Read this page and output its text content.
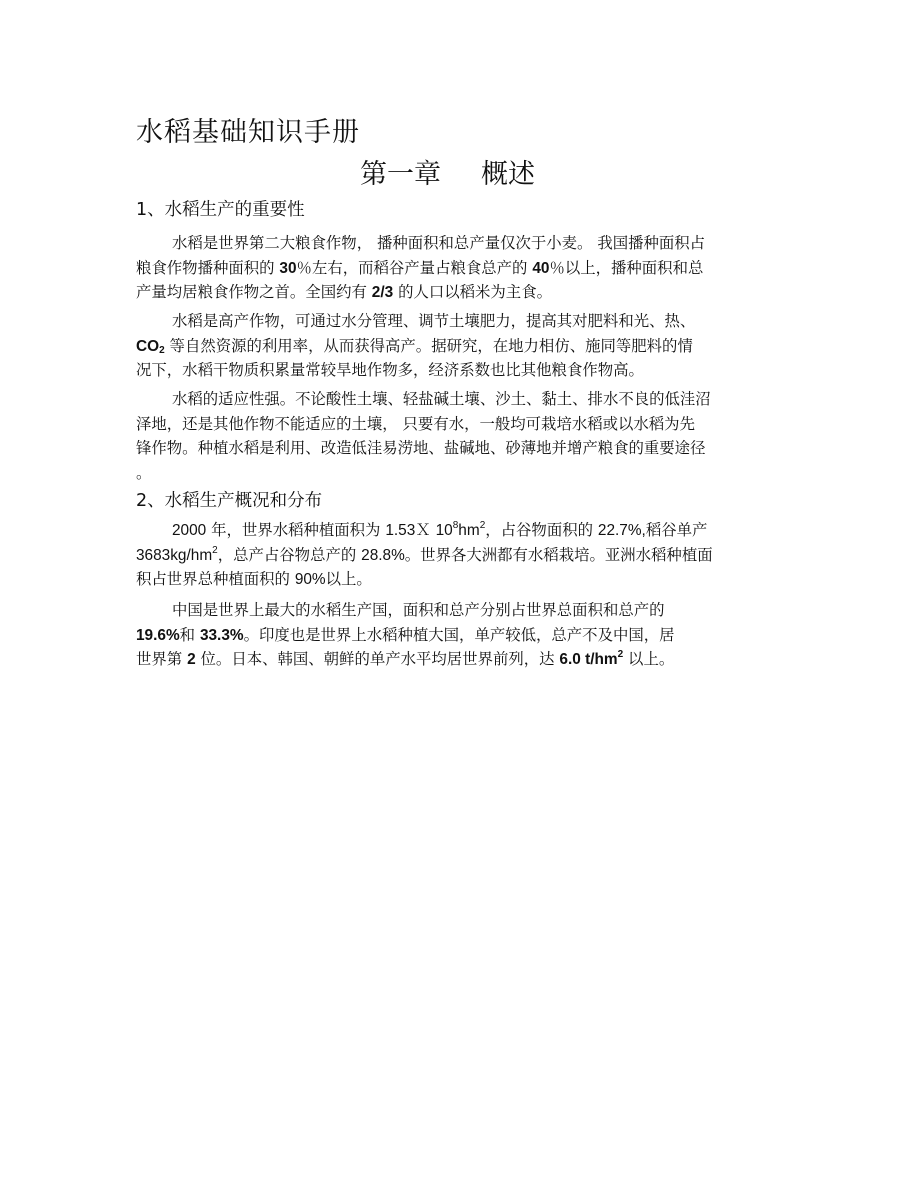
水稻基础知识手册
第一章 概述
1、水稻生产的重要性
水稻是世界第二大粮食作物， 播种面积和总产量仅次于小麦。 我国播种面积占
粮食作物播种面积的 30％左右，而稻谷产量占粮食总产的 40％以上，播种面积和总
产量均居粮食作物之首。全国约有 2/3 的人口以稻米为主食。
水稻是高产作物，可通过水分管理、调节土壤肥力，提高其对肥料和光、热、
$CO_2$ 等自然资源的利用率，从而获得高产。据研究，在地力相仿、施同等肥料的情
况下，水稻干物质积累量常较旱地作物多，经济系数也比其他粮食作物高。
水稻的适应性强。不论酸性土壤、轻盐碱土壤、沙土、黏土、排水不良的低洼沼
泽地，还是其他作物不能适应的土壤， 只要有水，一般均可栽培水稻或以水稻为先
锋作物。种植水稻是利用、改造低洼易涝地、盐碱地、砂薄地并增产粮食的重要途径
。
2、水稻生产概况和分布
2000 年，世界水稻种植面积为 1.53Ｘ $10^8hm^2$，占谷物面积的 22.7%,稻谷单产
$3683kg/hm^2$，总产占谷物总产的 28.8%。世界各大洲都有水稻栽培。亚洲水稻种植面
积占世界总种植面积的 90%以上。
中国是世界上最大的水稻生产国，面积和总产分别占世界总面积和总产的
19.6%和 33.3%。印度也是世界上水稻种植大国，单产较低，总产不及中国，居
世界第 2 位。日本、韩国、朝鲜的单产水平均居世界前列，达 6.0 $t/hm^2$ 以上。
